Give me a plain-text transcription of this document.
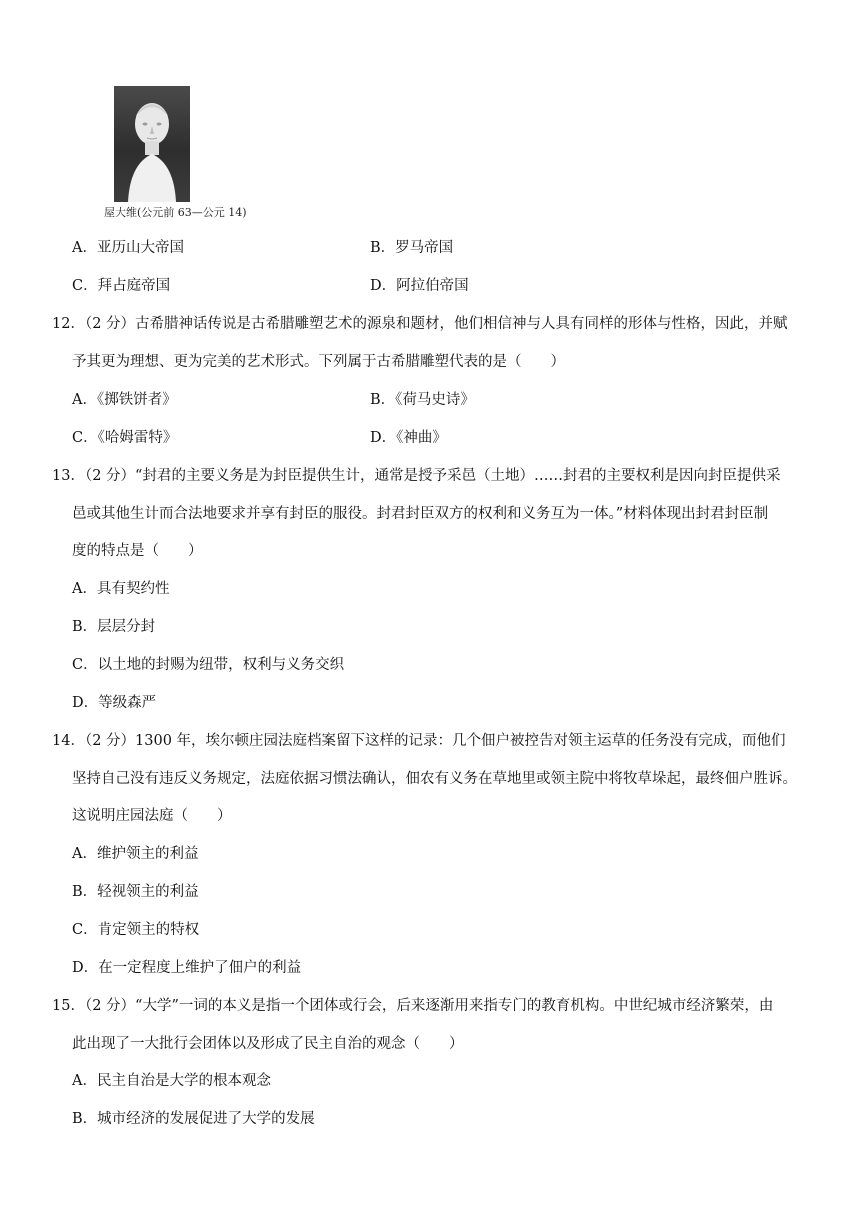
屋大维(公元前 63—公元 14)
A．亚历山大帝国	B．罗马帝国
C．拜占庭帝国	D．阿拉伯帝国
12．（2 分）古希腊神话传说是古希腊雕塑艺术的源泉和题材，他们相信神与人具有同样的形体与性格，因此，并赋
予其更为理想、更为完美的艺术形式。下列属于古希腊雕塑代表的是（　　）
A．《掷铁饼者》	B．《荷马史诗》
C．《哈姆雷特》	D．《神曲》
13．（2 分）“封君的主要义务是为封臣提供生计，通常是授予采邑（土地）……封君的主要权利是因向封臣提供采
邑或其他生计而合法地要求并享有封臣的服役。封君封臣双方的权利和义务互为一体。”材料体现出封君封臣制
度的特点是（　　）
A．具有契约性
B．层层分封
C．以土地的封赐为纽带，权利与义务交织
D．等级森严
14．（2 分）1300 年，埃尔顿庄园法庭档案留下这样的记录：几个佃户被控告对领主运草的任务没有完成，而他们
坚持自己没有违反义务规定，法庭依据习惯法确认，佃农有义务在草地里或领主院中将牧草垛起，最终佃户胜诉。
这说明庄园法庭（　　）
A．维护领主的利益
B．轻视领主的利益
C．肯定领主的特权
D．在一定程度上维护了佃户的利益
15．（2 分）“大学”一词的本义是指一个团体或行会，后来逐渐用来指专门的教育机构。中世纪城市经济繁荣，由
此出现了一大批行会团体以及形成了民主自治的观念（　　）
A．民主自治是大学的根本观念
B．城市经济的发展促进了大学的发展
